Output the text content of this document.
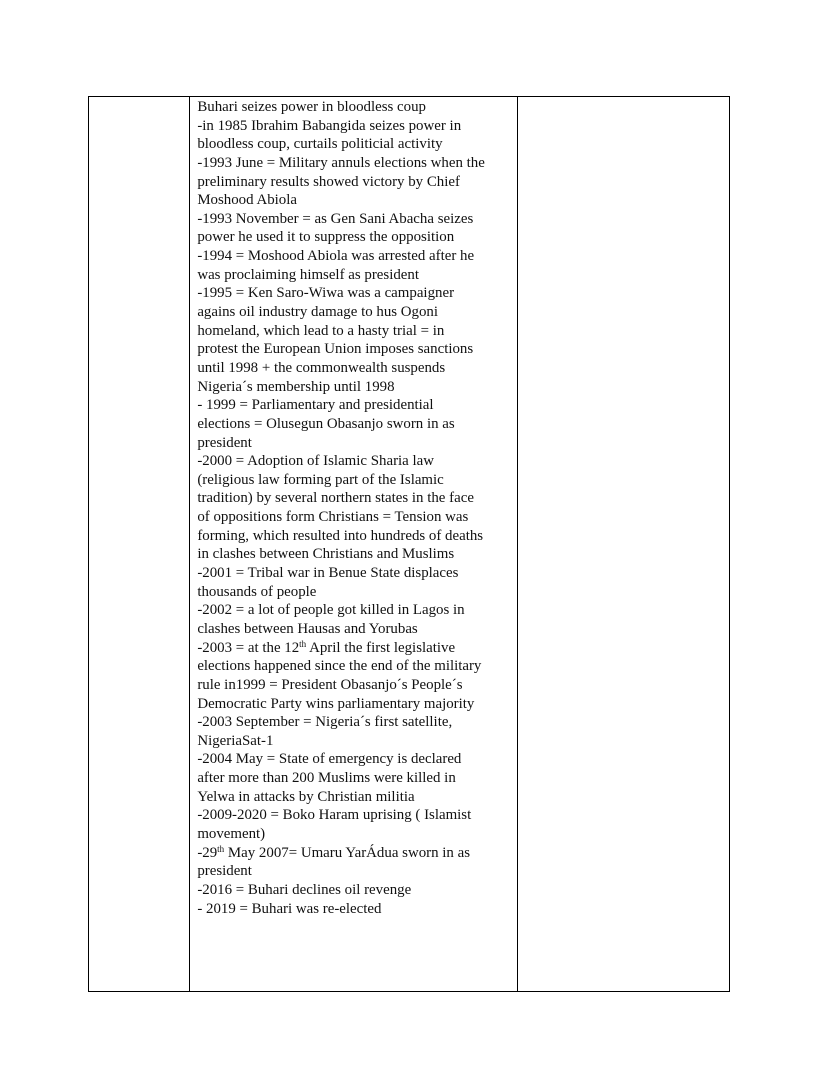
Buhari seizes power in bloodless coup
-in 1985 Ibrahim Babangida seizes power in
bloodless coup, curtails politicial activity
-1993 June = Military annuls elections when the
preliminary results showed victory by Chief
Moshood Abiola
-1993 November = as Gen Sani Abacha seizes
power he used it to suppress the opposition
-1994 = Moshood Abiola was arrested after he
was proclaiming himself as president
-1995 = Ken Saro-Wiwa was a campaigner
agains oil industry damage to hus Ogoni
homeland, which lead to a hasty trial = in
protest the European Union imposes sanctions
until 1998 + the commonwealth suspends
Nigeria´s membership until 1998
- 1999 = Parliamentary and presidential
elections = Olusegun Obasanjo sworn in as
president
-2000 = Adoption of Islamic Sharia law
(religious law forming part of the Islamic
tradition) by several northern states in the face
of oppositions form Christians = Tension was
forming, which resulted into hundreds of deaths
in clashes between Christians and Muslims
-2001 = Tribal war in Benue State displaces
thousands of people
-2002 = a lot of people got killed in Lagos in
clashes between Hausas and Yorubas
-2003 = at the 12th April the first legislative
elections happened since the end of the military
rule in1999 = President Obasanjo´s People´s
Democratic Party wins parliamentary majority
-2003 September = Nigeria´s first satellite,
NigeriaSat-1
-2004 May = State of emergency is declared
after more than 200 Muslims were killed in
Yelwa in attacks by Christian militia
-2009-2020 = Boko Haram uprising ( Islamist
movement)
-29th May 2007= Umaru YarÁdua sworn in as
president
-2016 = Buhari declines oil revenge
- 2019 = Buhari was re-elected
